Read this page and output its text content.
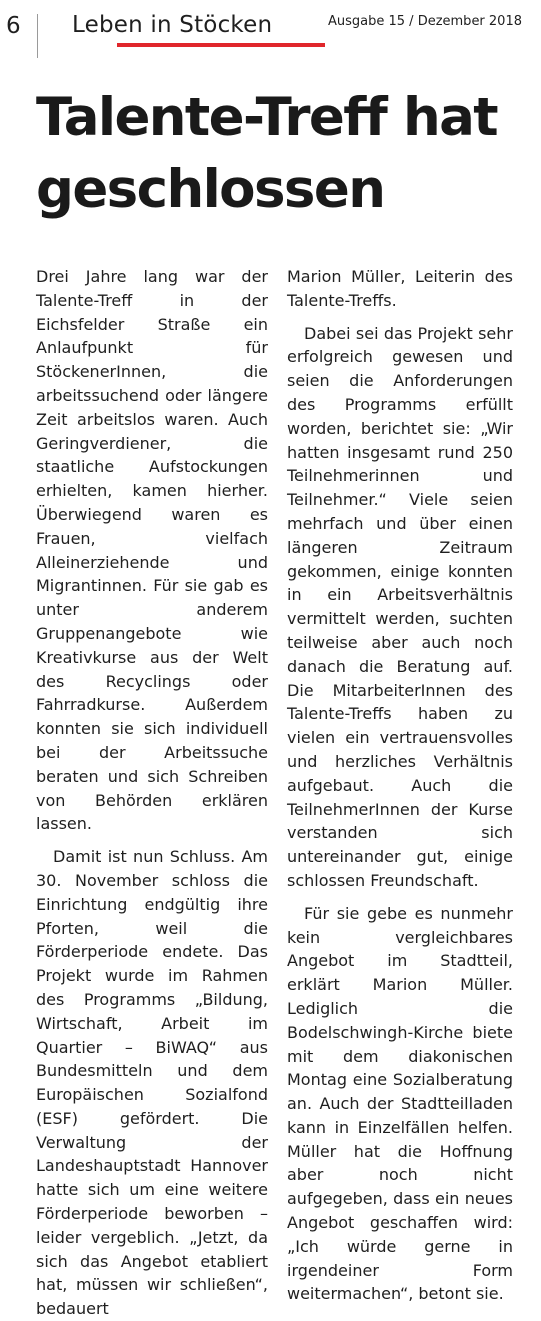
6 Leben in Stöcken	Ausgabe 15 / Dezember 2018
Talente-Treff hat
geschlossen

Drei Jahre lang war der Talente-Treff in der Eichsfelder Straße ein Anlaufpunkt für StöckenerInnen, die arbeitssuchend oder längere Zeit arbeitslos waren. Auch Geringverdiener, die staatliche Aufstockungen erhielten, kamen hierher. Überwiegend waren es Frauen, vielfach Alleinerziehende und Migrantinnen. Für sie gab es unter anderem Gruppenangebote wie Kreativkurse aus der Welt des Recyclings oder Fahrradkurse. Außerdem konnten sie sich individuell bei der Arbeitssuche beraten und sich Schreiben von Behörden erklären lassen.

Damit ist nun Schluss. Am 30. November schloss die Einrichtung endgültig ihre Pforten, weil die Förderperiode endete. Das Projekt wurde im Rahmen des Programms „Bildung, Wirtschaft, Arbeit im Quartier – BiWAQ“ aus Bundesmitteln und dem Europäischen Sozialfond (ESF) gefördert. Die Verwaltung der Landeshauptstadt Hannover hatte sich um eine weitere Förderperiode beworben – leider vergeblich. „Jetzt, da sich das Angebot etabliert hat, müssen wir schließen“, bedauert

Marion Müller, Leiterin des Talente-Treffs.

Dabei sei das Projekt sehr erfolgreich gewesen und seien die Anforderungen des Programms erfüllt worden, berichtet sie: „Wir hatten insgesamt rund 250 Teilnehmerinnen und Teilnehmer.“ Viele seien mehrfach und über einen längeren Zeitraum gekommen, einige konnten in ein Arbeitsverhältnis vermittelt werden, suchten teilweise aber auch noch danach die Beratung auf. Die MitarbeiterInnen des Talente-Treffs haben zu vielen ein vertrauensvolles und herzliches Verhältnis aufgebaut. Auch die TeilnehmerInnen der Kurse verstanden sich untereinander gut, einige schlossen Freundschaft.

Für sie gebe es nunmehr kein vergleichbares Angebot im Stadtteil, erklärt Marion Müller. Lediglich die Bodelschwingh-Kirche biete mit dem diakonischen Montag eine Sozialberatung an. Auch der Stadtteilladen kann in Einzelfällen helfen. Müller hat die Hoffnung aber noch nicht aufgegeben, dass ein neues Angebot geschaffen wird: „Ich würde gerne in irgendeiner Form weitermachen“, betont sie.
